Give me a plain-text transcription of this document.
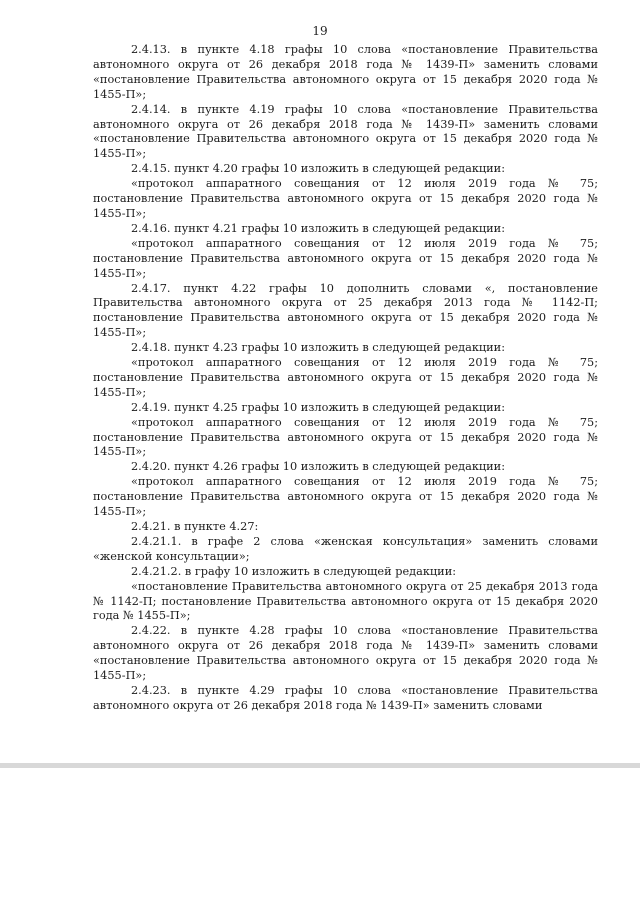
19

2.4.13. в пункте 4.18 графы 10 слова «постановление Правительства автономного округа от 26 декабря 2018 года № 1439-П» заменить словами «постановление Правительства автономного округа от 15 декабря 2020 года № 1455-П»;

2.4.14. в пункте 4.19 графы 10 слова «постановление Правительства автономного округа от 26 декабря 2018 года № 1439-П» заменить словами «постановление Правительства автономного округа от 15 декабря 2020 года № 1455-П»;

2.4.15. пункт 4.20 графы 10 изложить в следующей редакции:

«протокол аппаратного совещания от 12 июля 2019 года № 75; постановление Правительства автономного округа от 15 декабря 2020 года № 1455-П»;

2.4.16. пункт 4.21 графы 10 изложить в следующей редакции:

«протокол аппаратного совещания от 12 июля 2019 года № 75; постановление Правительства автономного округа от 15 декабря 2020 года № 1455-П»;

2.4.17. пункт 4.22 графы 10 дополнить словами «, постановление Правительства автономного округа от 25 декабря 2013 года № 1142-П; постановление Правительства автономного округа от 15 декабря 2020 года № 1455-П»;

2.4.18. пункт 4.23 графы 10 изложить в следующей редакции:

«протокол аппаратного совещания от 12 июля 2019 года № 75; постановление Правительства автономного округа от 15 декабря 2020 года № 1455-П»;

2.4.19. пункт 4.25 графы 10 изложить в следующей редакции:

«протокол аппаратного совещания от 12 июля 2019 года № 75; постановление Правительства автономного округа от 15 декабря 2020 года № 1455-П»;

2.4.20. пункт 4.26 графы 10 изложить в следующей редакции:

«протокол аппаратного совещания от 12 июля 2019 года № 75; постановление Правительства автономного округа от 15 декабря 2020 года № 1455-П»;

2.4.21. в пункте 4.27:

2.4.21.1. в графе 2 слова «женская консультация» заменить словами «женской консультации»;

2.4.21.2. в графу 10 изложить в следующей редакции:

«постановление Правительства автономного округа от 25 декабря 2013 года № 1142-П; постановление Правительства автономного округа от 15 декабря 2020 года № 1455-П»;

2.4.22. в пункте 4.28 графы 10 слова «постановление Правительства автономного округа от 26 декабря 2018 года № 1439-П» заменить словами «постановление Правительства автономного округа от 15 декабря 2020 года № 1455-П»;

2.4.23. в пункте 4.29 графы 10 слова «постановление Правительства автономного округа от 26 декабря 2018 года № 1439-П» заменить словами
